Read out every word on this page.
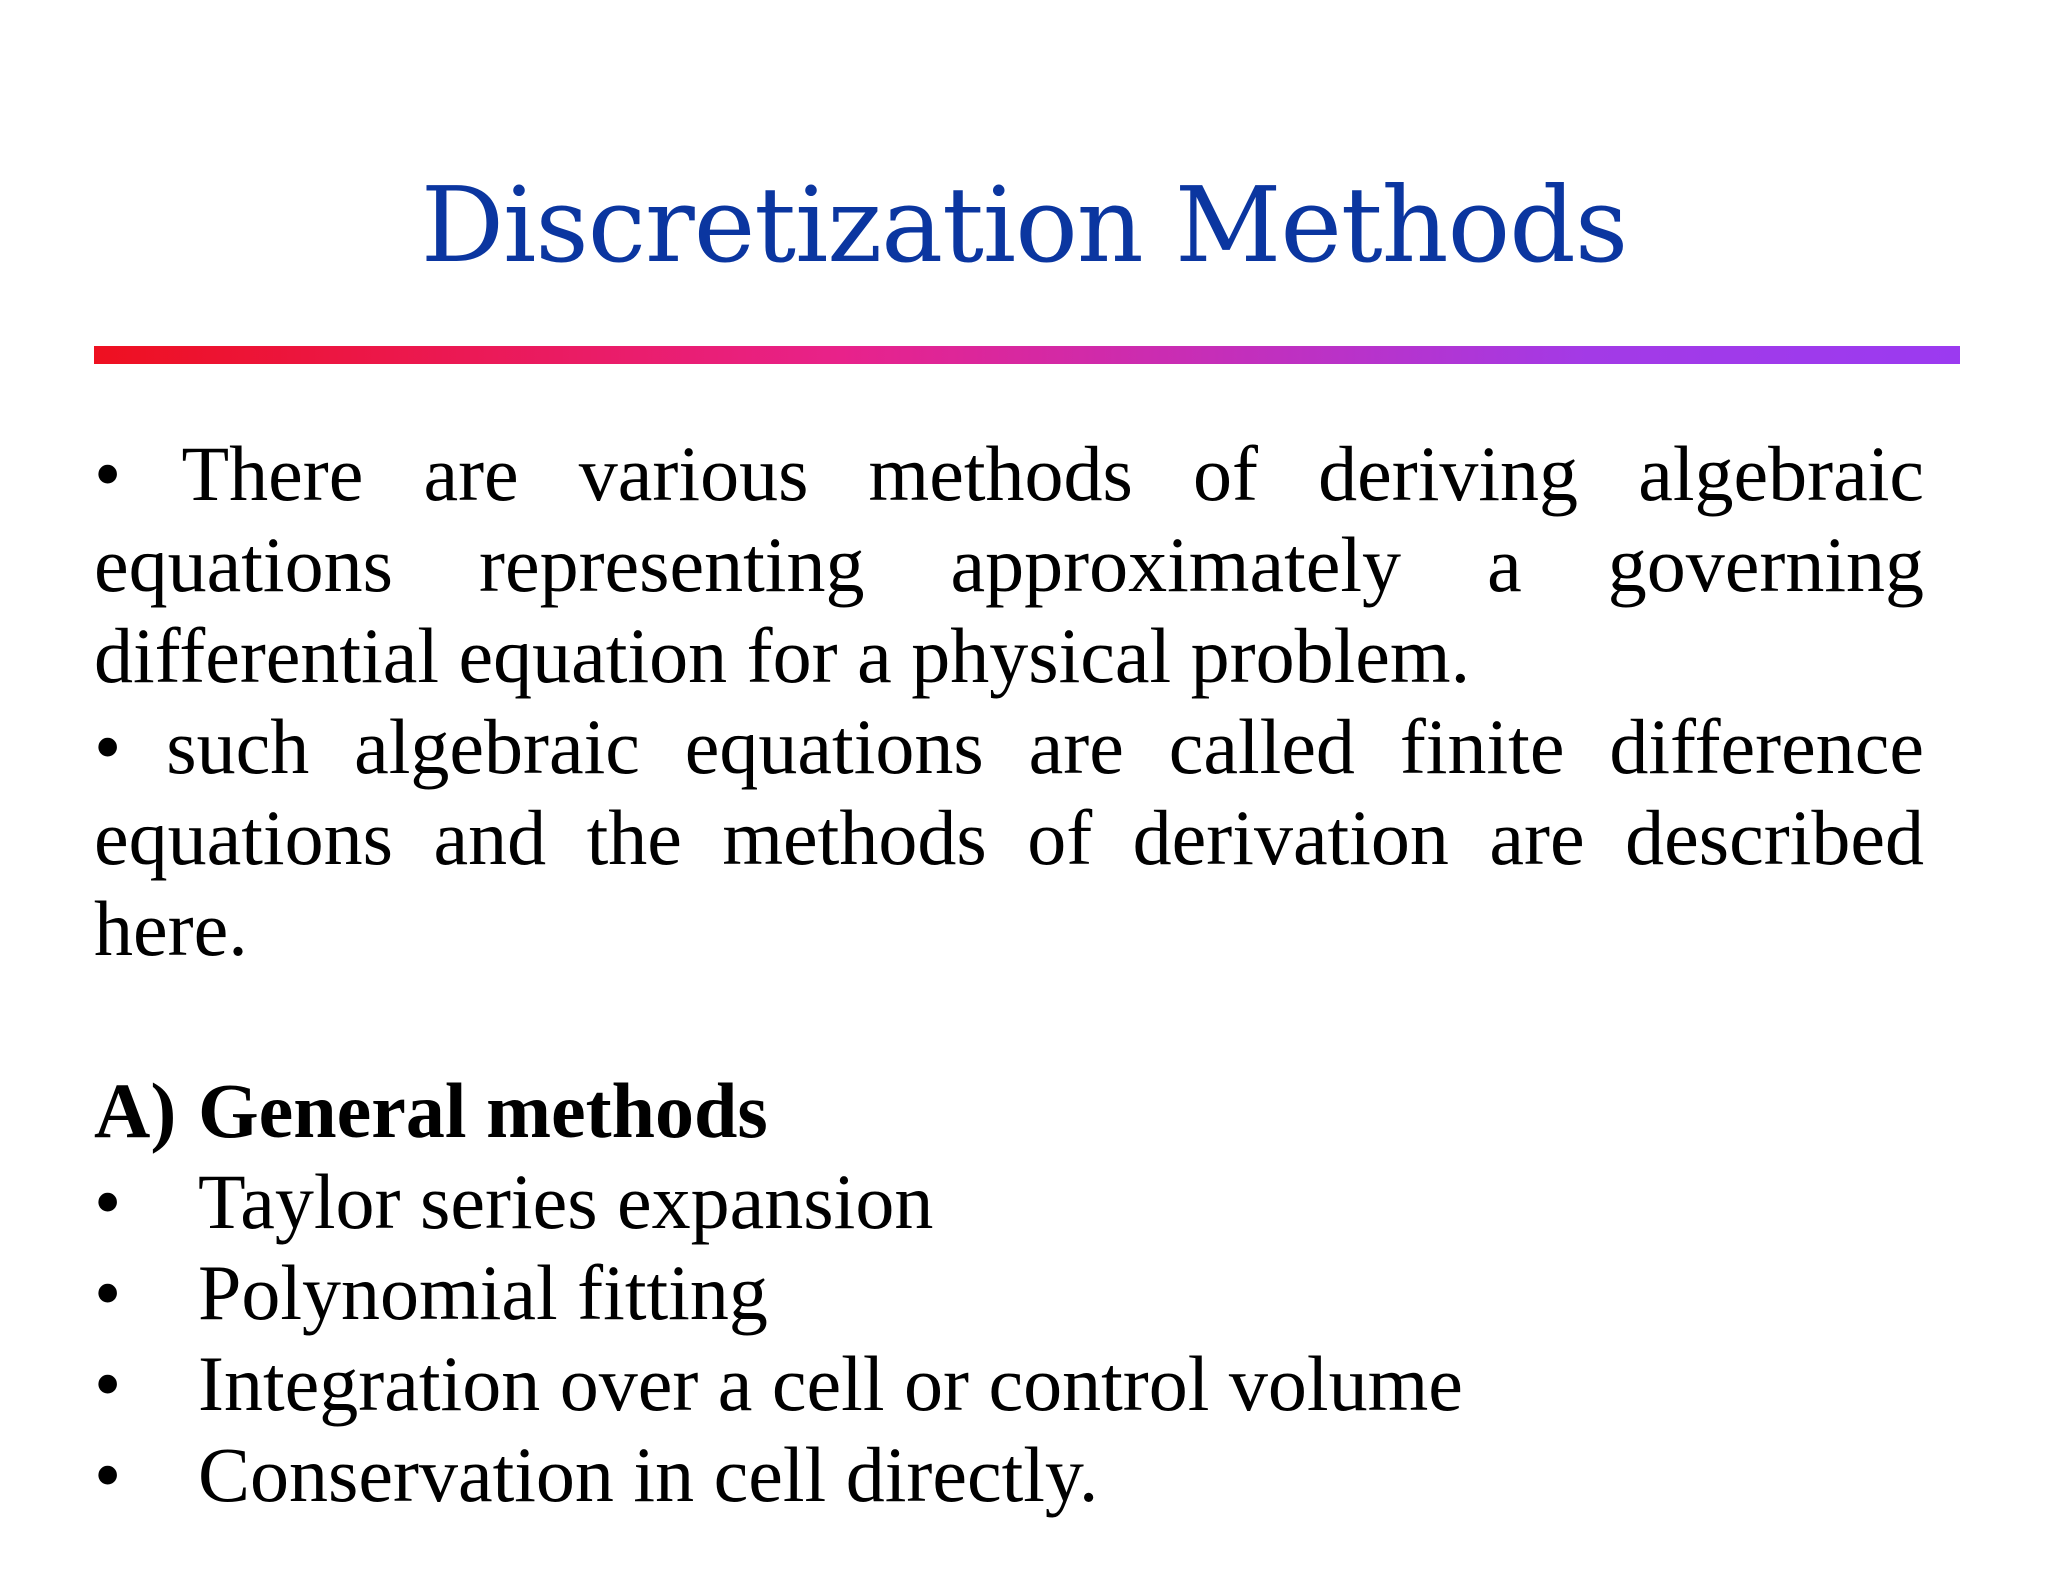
Discretization Methods

• There are various methods of deriving algebraic equations representing approximately a governing differential equation for a physical problem.

• such algebraic equations are called finite difference equations and the methods of derivation are described here.

A) General methods

• Taylor series expansion
• Polynomial fitting
• Integration over a cell or control volume
• Conservation in cell directly.
